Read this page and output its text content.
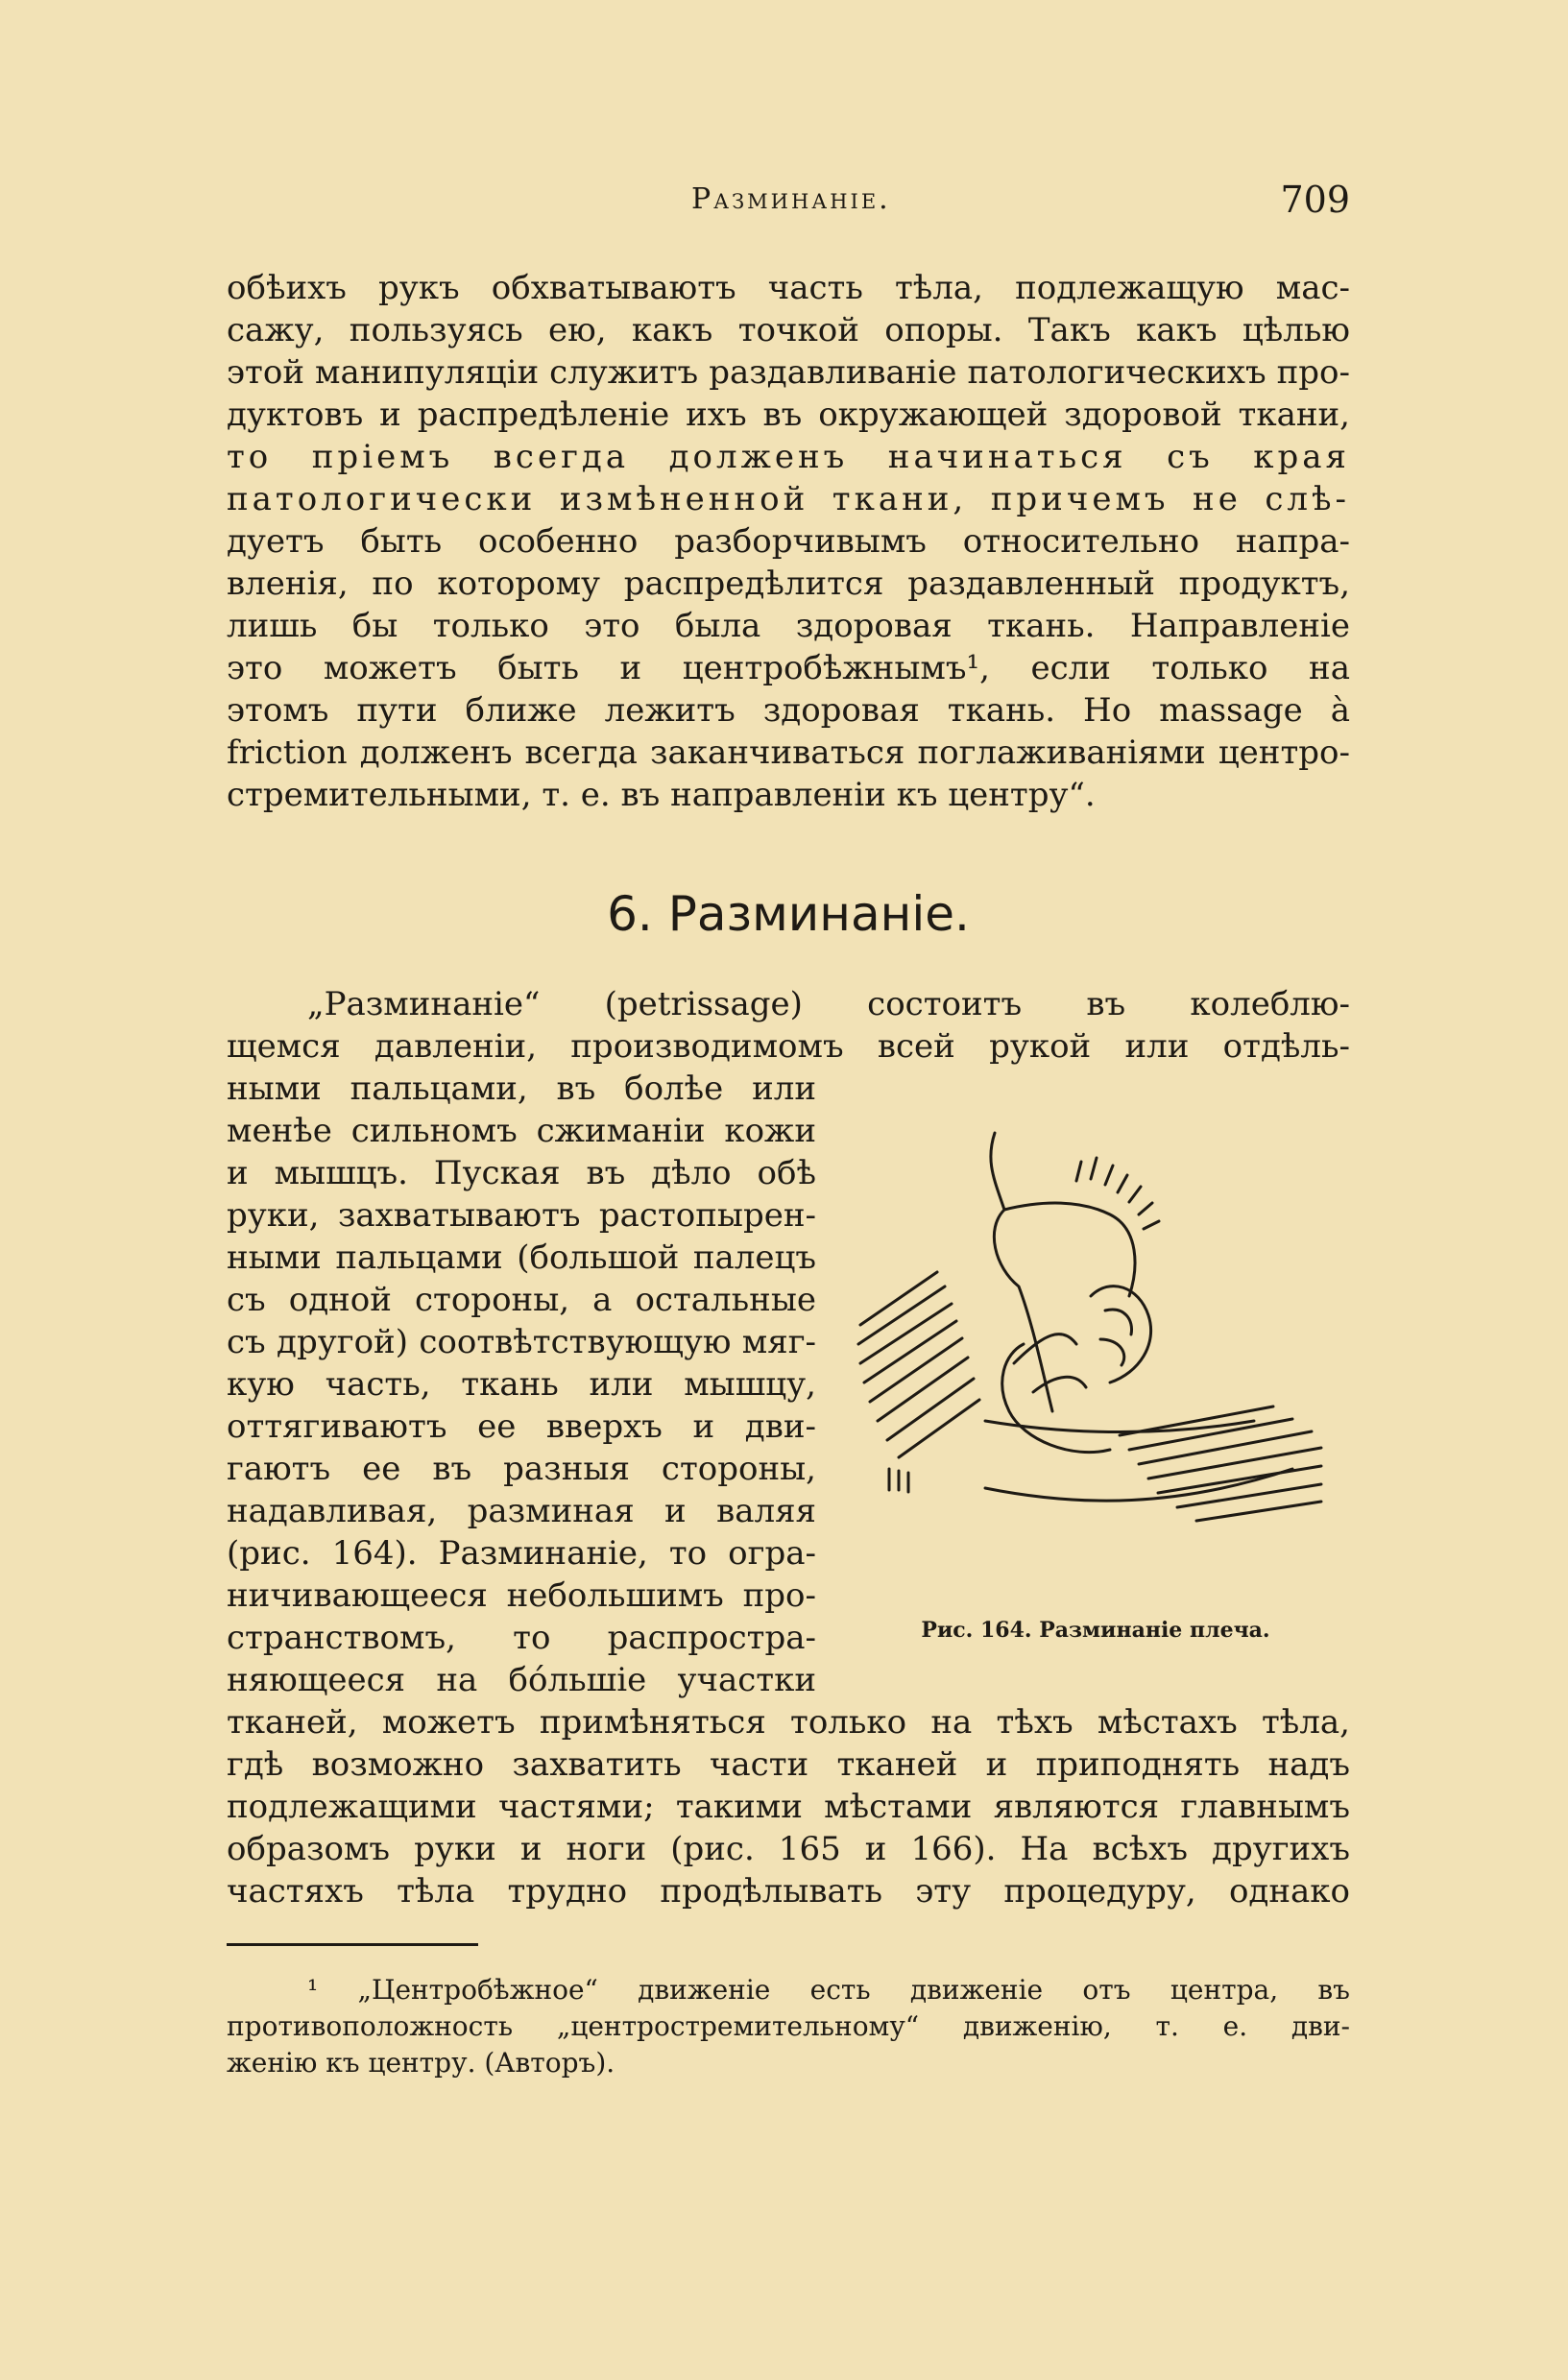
Разминаніе.	709
обѣихъ рукъ обхватываютъ часть тѣла, подлежащую мас-
сажу, пользуясь ею, какъ точкой опоры. Такъ какъ цѣлью
этой манипуляціи служитъ раздавливаніе патологическихъ про-
дуктовъ и распредѣленіе ихъ въ окружающей здоровой ткани,
то пріемъ всегда долженъ начинаться съ края
патологически измѣненной ткани, причемъ не слѣ-
дуетъ быть особенно разборчивымъ относительно напра-
вленія, по которому распредѣлится раздавленный продуктъ,
лишь бы только это была здоровая ткань. Направленіе
это можетъ быть и центробѣжнымъ¹, если только на
этомъ пути ближе лежитъ здоровая ткань. Но massage à
friction долженъ всегда заканчиваться поглаживаніями центро-
стремительными, т. е. въ направленіи къ центру“.
6. Разминаніе.
„Разминаніе“ (petrissage) состоитъ въ колеблю-
щемся давленіи, производимомъ всей рукой или отдѣль-
ными пальцами, въ болѣе или
менѣе сильномъ сжиманіи кожи
и мышцъ. Пуская въ дѣло обѣ
руки, захватываютъ растопырен-
ными пальцами (большой палецъ
съ одной стороны, а остальные
съ другой) соотвѣтствующую мяг-
кую часть, ткань или мышцу,
оттягиваютъ ее вверхъ и дви-
гаютъ ее въ разныя стороны,
надавливая, разминая и валяя
(рис. 164). Разминаніе, то огра-
ничивающееся небольшимъ про-
странствомъ, то распростра-
няющееся на бóльшіе участки
Рис. 164. Разминаніе плеча.
тканей, можетъ примѣняться только на тѣхъ мѣстахъ тѣла,
гдѣ возможно захватить части тканей и приподнять надъ
подлежащими частями; такими мѣстами являются главнымъ
образомъ руки и ноги (рис. 165 и 166). На всѣхъ другихъ
частяхъ тѣла трудно продѣлывать эту процедуру, однако
¹ „Центробѣжное“ движеніе есть движеніе отъ центра, въ
противоположность „центростремительному“ движенію, т. е. дви-
женію къ центру. (Авторъ).
